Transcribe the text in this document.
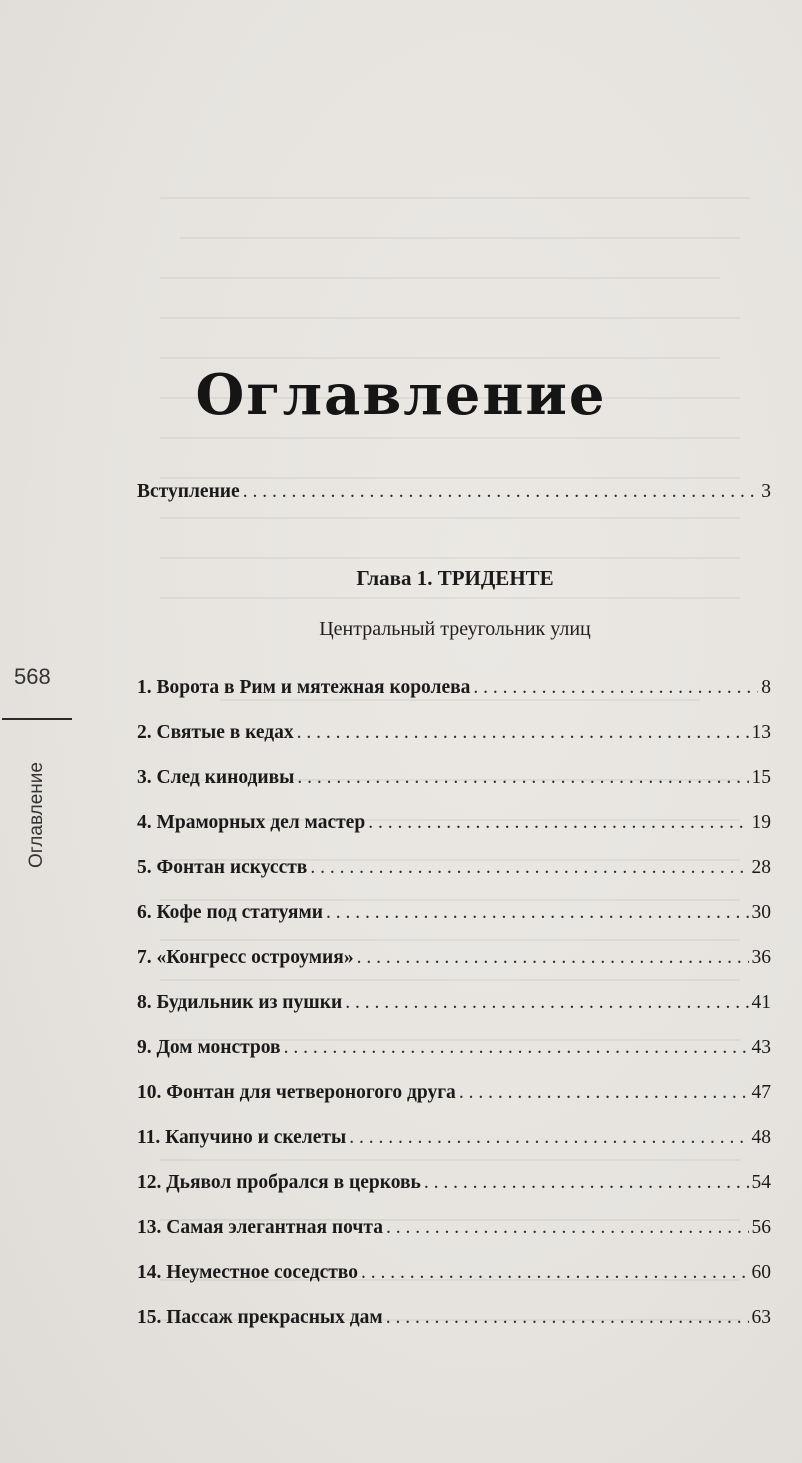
Оглавление
568
Оглавление
Вступление . . .	3
Глава 1. ТРИДЕНТЕ
Центральный треугольник улиц
1. Ворота в Рим и мятежная королева . . .	8
2. Святые в кедах . . .	13
3. След кинодивы . . .	15
4. Мраморных дел мастер . . .	19
5. Фонтан искусств . . .	28
6. Кофе под статуями . . .	30
7. «Конгресс остроумия» . . .	36
8. Будильник из пушки . . .	41
9. Дом монстров . . .	43
10. Фонтан для четвероногого друга . . .	47
11. Капучино и скелеты . . .	48
12. Дьявол пробрался в церковь . . .	54
13. Самая элегантная почта . . .	56
14. Неуместное соседство . . .	60
15. Пассаж прекрасных дам . . .	63
